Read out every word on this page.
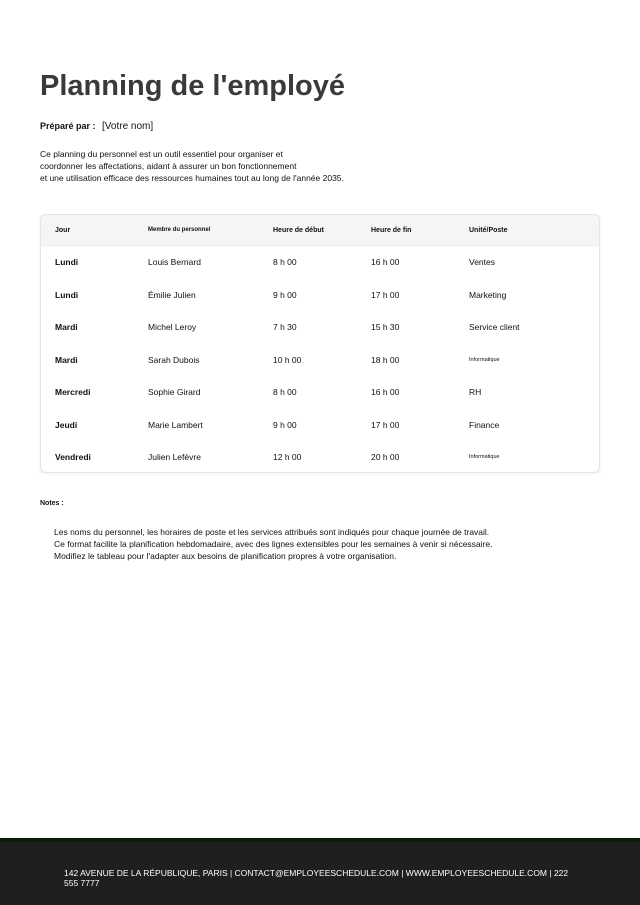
Planning de l'employé
Préparé par : [Votre nom]

Ce planning du personnel est un outil essentiel pour organiser et
coordonner les affectations, aidant à assurer un bon fonctionnement
et une utilisation efficace des ressources humaines tout au long de l'année 2035.

Jour	Membre du personnel	Heure de début	Heure de fin	Unité/Poste
Lundi	Louis Bernard	8 h 00	16 h 00	Ventes
Lundi	Émilie Julien	9 h 00	17 h 00	Marketing
Mardi	Michel Leroy	7 h 30	15 h 30	Service client
Mardi	Sarah Dubois	10 h 00	18 h 00	Informatique
Mercredi	Sophie Girard	8 h 00	16 h 00	RH
Jeudi	Marie Lambert	9 h 00	17 h 00	Finance
Vendredi	Julien Lefèvre	12 h 00	20 h 00	Informatique
Notes :
Les noms du personnel, les horaires de poste et les services attribués sont indiqués pour chaque journée de travail.
Ce format facilite la planification hebdomadaire, avec des lignes extensibles pour les semaines à venir si nécessaire.
Modifiez le tableau pour l'adapter aux besoins de planification propres à votre organisation.
142 AVENUE DE LA RÉPUBLIQUE, PARIS | CONTACT@EMPLOYEESCHEDULE.COM | WWW.EMPLOYEESCHEDULE.COM | 222 555 7777
